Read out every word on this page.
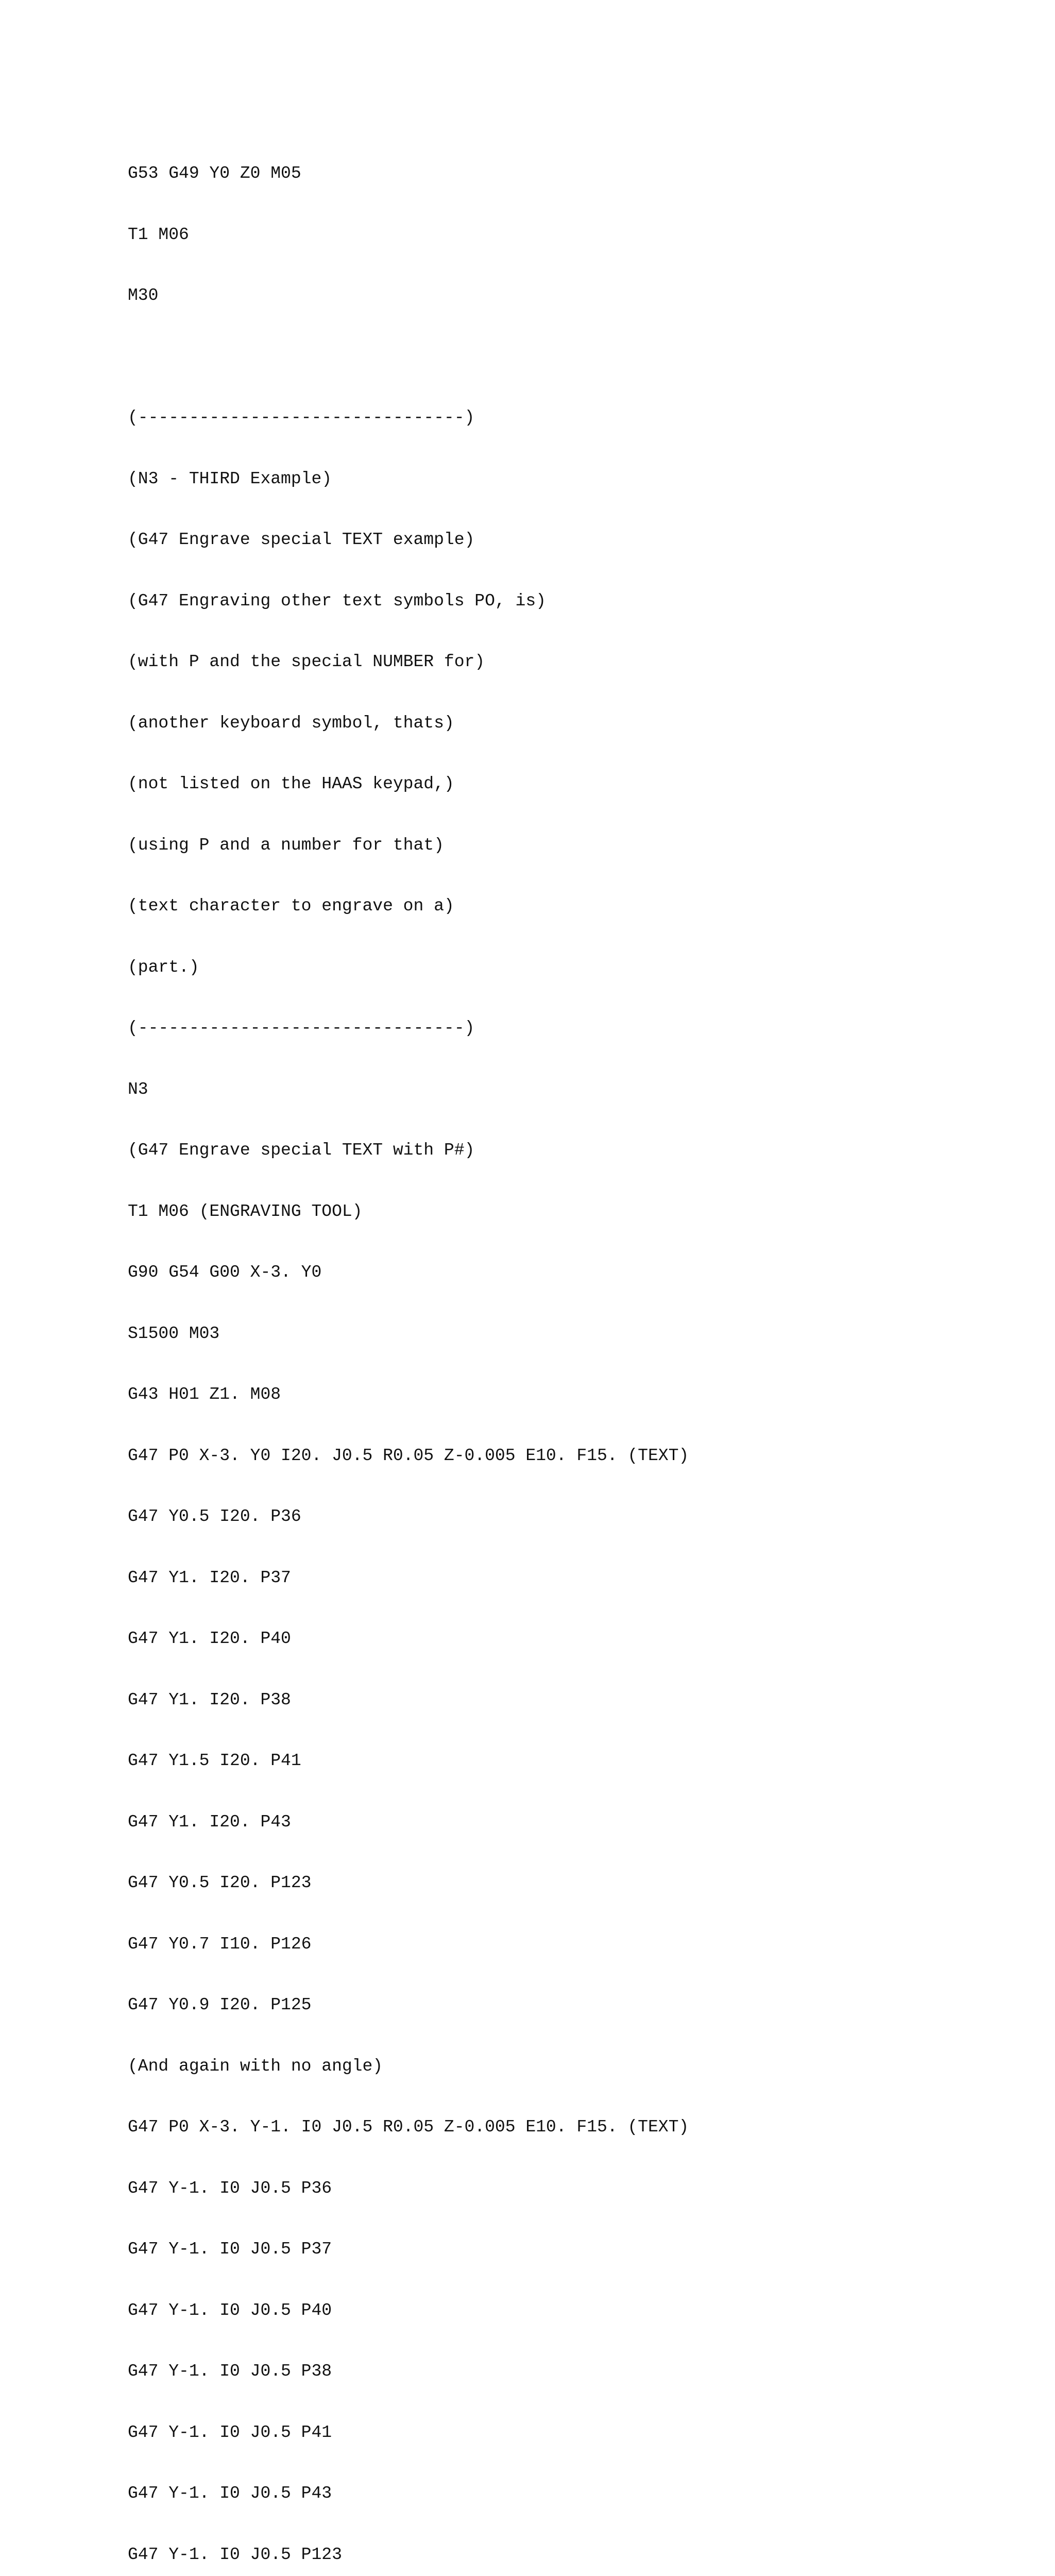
G53 G49 Y0 Z0 M05

T1 M06

M30

(--------------------------------)

(N3 - THIRD Example)

(G47 Engrave special TEXT example)

(G47 Engraving other text symbols PO, is)

(with P and the special NUMBER for)

(another keyboard symbol, thats)

(not listed on the HAAS keypad,)

(using P and a number for that)

(text character to engrave on a)

(part.)

(--------------------------------)

N3

(G47 Engrave special TEXT with P#)

T1 M06 (ENGRAVING TOOL)

G90 G54 G00 X-3. Y0

S1500 M03

G43 H01 Z1. M08

G47 P0 X-3. Y0 I20. J0.5 R0.05 Z-0.005 E10. F15. (TEXT)

G47 Y0.5 I20. P36

G47 Y1. I20. P37

G47 Y1. I20. P40

G47 Y1. I20. P38

G47 Y1.5 I20. P41

G47 Y1. I20. P43

G47 Y0.5 I20. P123

G47 Y0.7 I10. P126

G47 Y0.9 I20. P125

(And again with no angle)

G47 P0 X-3. Y-1. I0 J0.5 R0.05 Z-0.005 E10. F15. (TEXT)

G47 Y-1. I0 J0.5 P36

G47 Y-1. I0 J0.5 P37

G47 Y-1. I0 J0.5 P40

G47 Y-1. I0 J0.5 P38

G47 Y-1. I0 J0.5 P41

G47 Y-1. I0 J0.5 P43

G47 Y-1. I0 J0.5 P123
